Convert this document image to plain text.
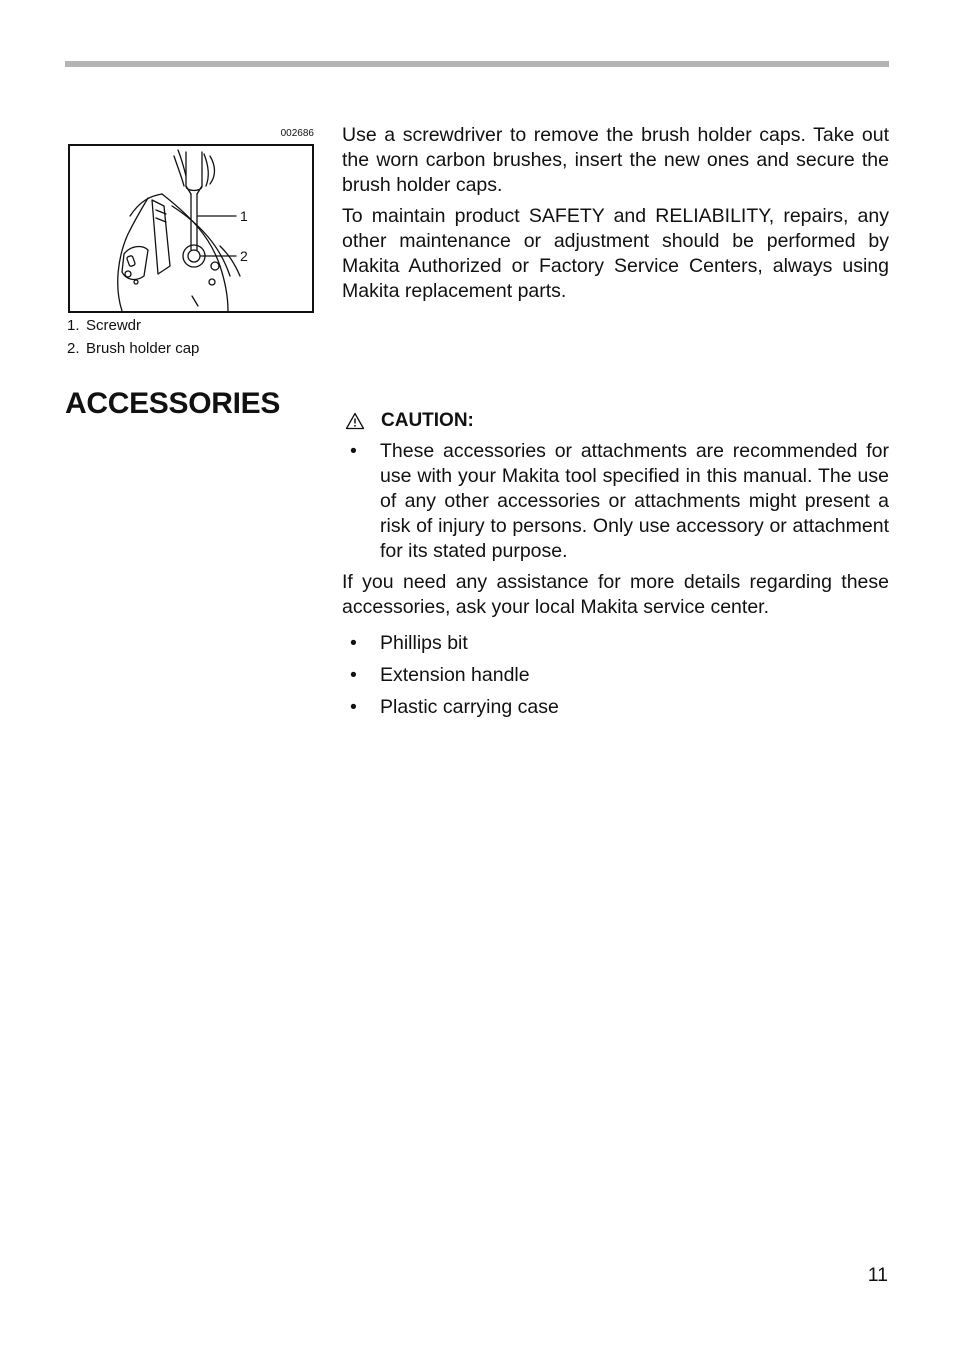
002686
1
2
1. Screwdr
2. Brush holder cap

Use a screwdriver to remove the brush holder caps. Take out the worn carbon brushes, insert the new ones and secure the brush holder caps.

To maintain product SAFETY and RELIABILITY, repairs, any other maintenance or adjustment should be performed by Makita Authorized or Factory Service Centers, always using Makita replacement parts.

ACCESSORIES
CAUTION:
•	These accessories or attachments are recommended for use with your Makita tool specified in this manual. The use of any other accessories or attachments might present a risk of injury to persons. Only use accessory or attachment for its stated purpose.

If you need any assistance for more details regarding these accessories, ask your local Makita service center.

•	Phillips bit
•	Extension handle
•	Plastic carrying case
11
